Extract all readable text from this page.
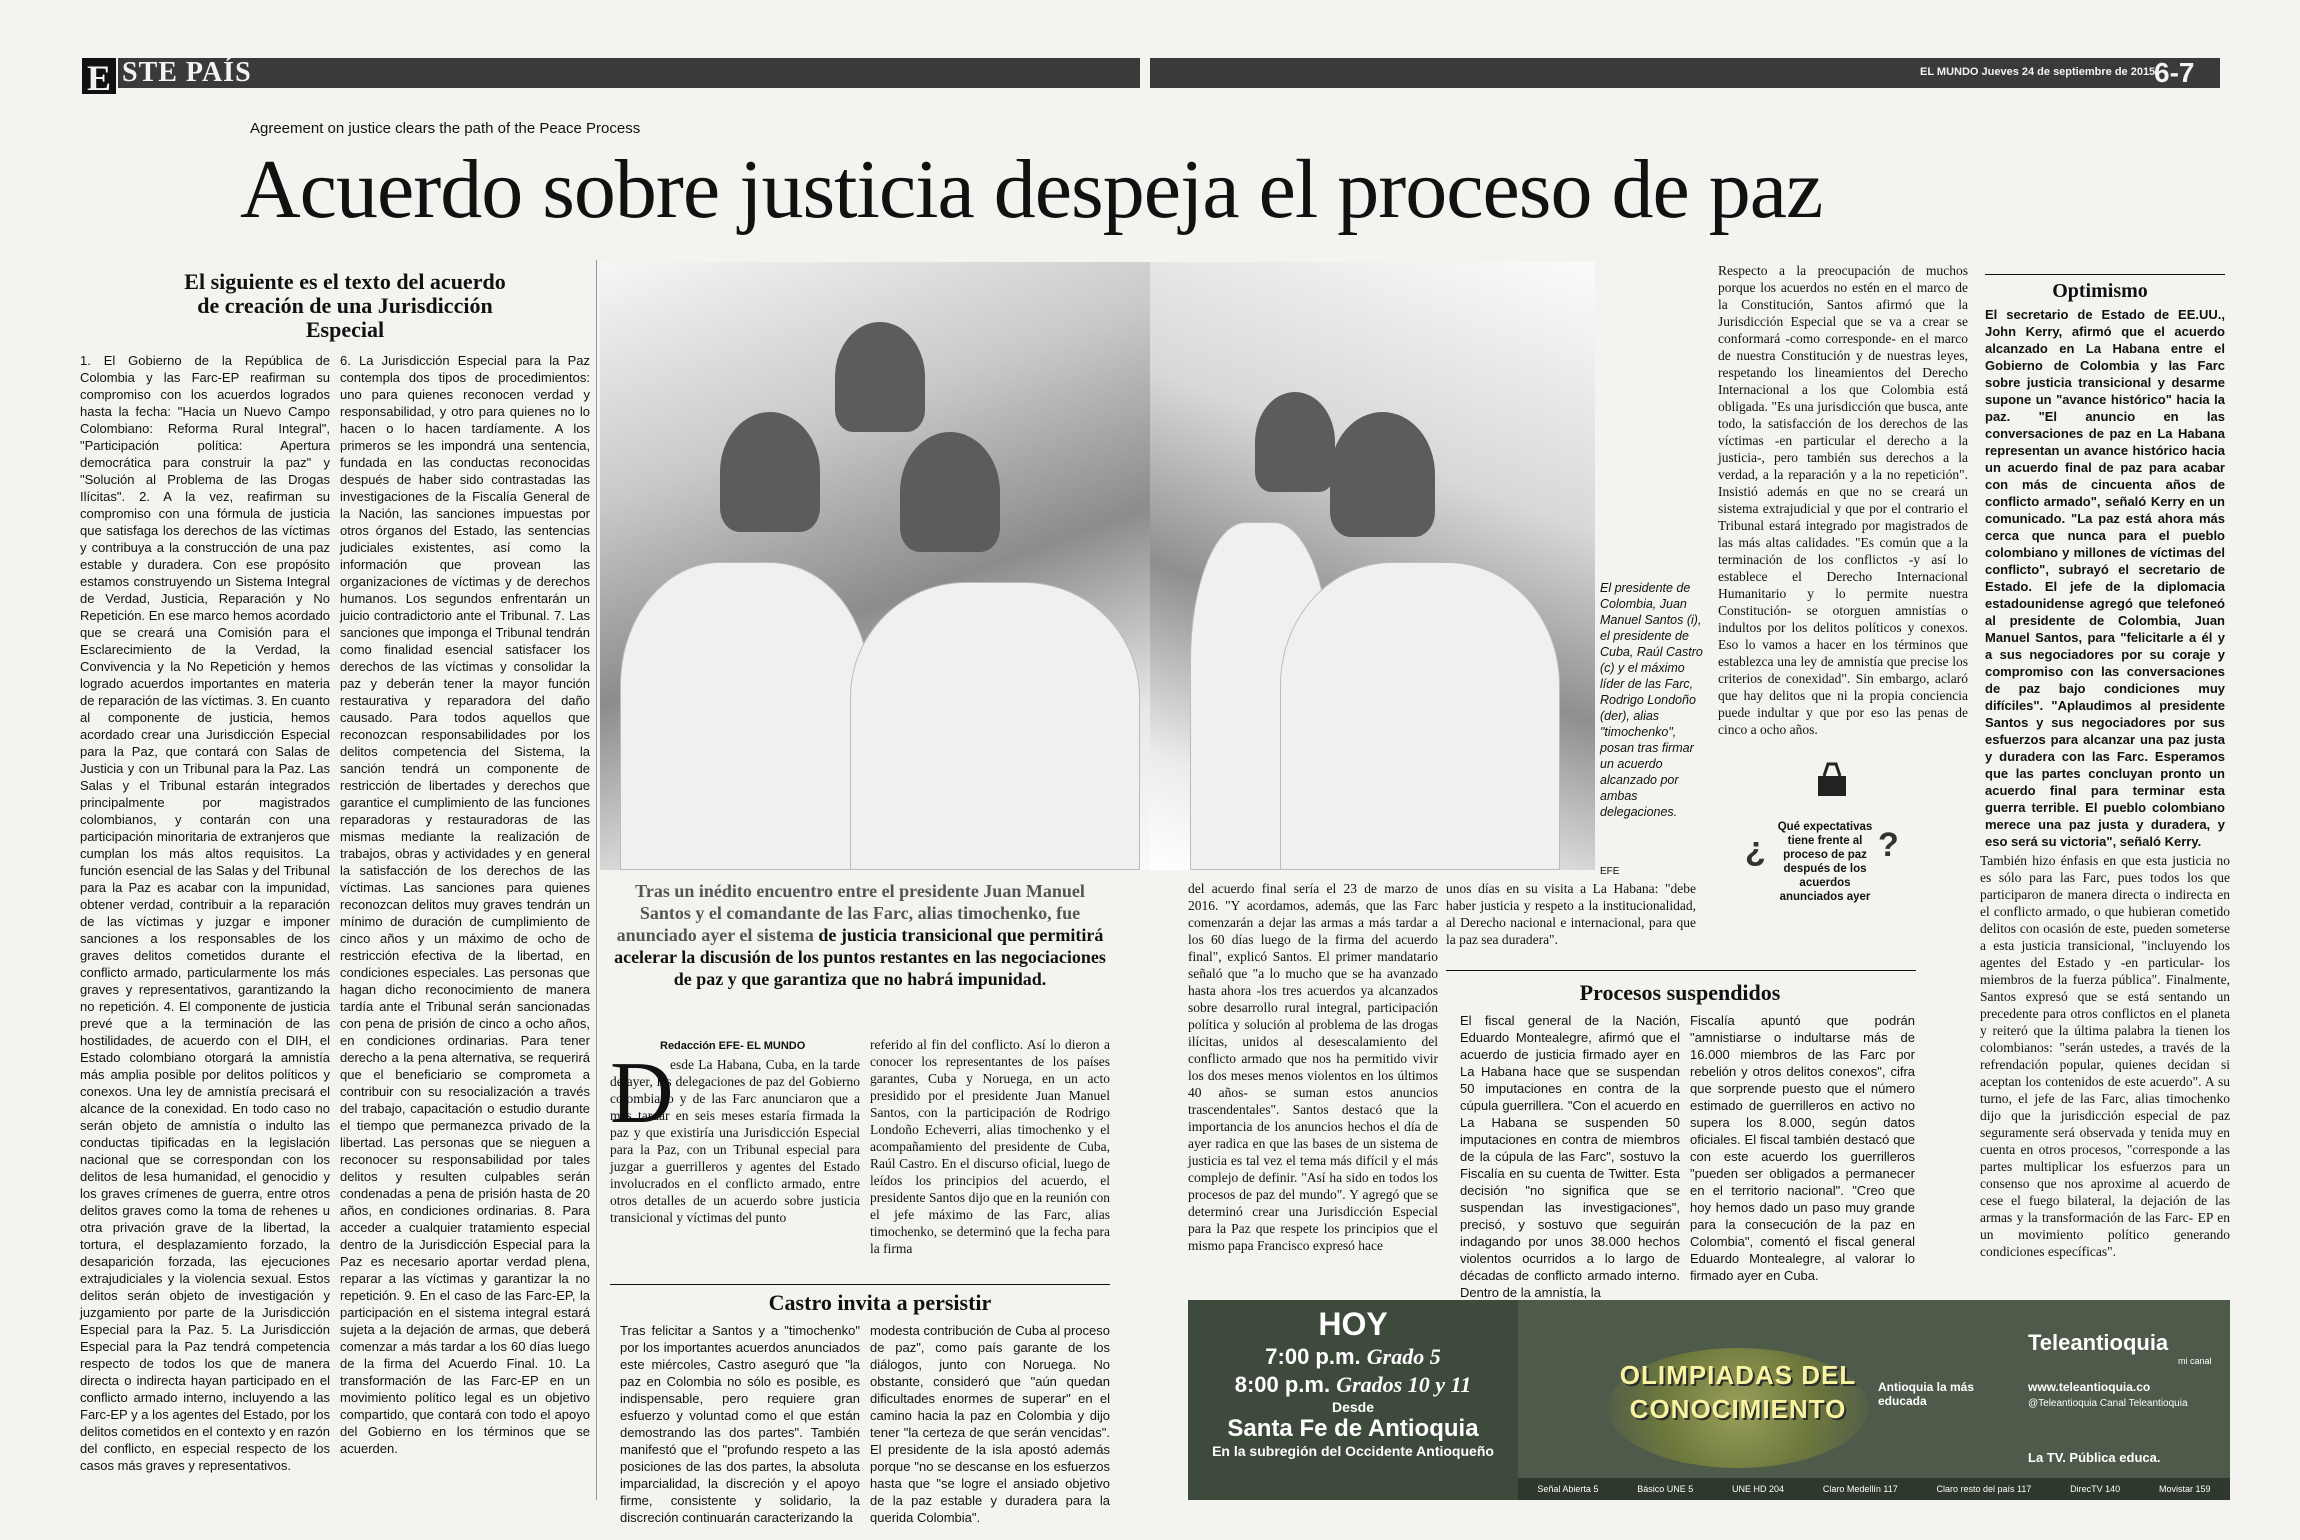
E STE PAÍS	EL MUNDO Jueves 24 de septiembre de 2015
6-7
Agreement on justice clears the path of the Peace Process
Acuerdo sobre justicia despeja el proceso de paz
El siguiente es el texto del acuerdo de creación de una Jurisdicción Especial
1. El Gobierno de la República de Colombia y las Farc-EP reafirman su compromiso con los acuerdos logrados hasta la fecha: "Hacia un Nuevo Campo Colombiano: Reforma Rural Integral", "Participación política: Apertura democrática para construir la paz" y "Solución al Problema de las Drogas Ilícitas". 2. A la vez, reafirman su compromiso con una fórmula de justicia que satisfaga los derechos de las víctimas y contribuya a la construcción de una paz estable y duradera. Con ese propósito estamos construyendo un Sistema Integral de Verdad, Justicia, Reparación y No Repetición. En ese marco hemos acordado que se creará una Comisión para el Esclarecimiento de la Verdad, la Convivencia y la No Repetición y hemos logrado acuerdos importantes en materia de reparación de las víctimas. 3. En cuanto al componente de justicia, hemos acordado crear una Jurisdicción Especial para la Paz, que contará con Salas de Justicia y con un Tribunal para la Paz. Las Salas y el Tribunal estarán integrados principalmente por magistrados colombianos, y contarán con una participación minoritaria de extranjeros que cumplan los más altos requisitos. La función esencial de las Salas y del Tribunal para la Paz es acabar con la impunidad, obtener verdad, contribuir a la reparación de las víctimas y juzgar e imponer sanciones a los responsables de los graves delitos cometidos durante el conflicto armado, particularmente los más graves y representativos, garantizando la no repetición. 4. El componente de justicia prevé que a la terminación de las hostilidades, de acuerdo con el DIH, el Estado colombiano otorgará la amnistía más amplia posible por delitos políticos y conexos. Una ley de amnistía precisará el alcance de la conexidad. En todo caso no serán objeto de amnistía o indulto las conductas tipificadas en la legislación nacional que se correspondan con los delitos de lesa humanidad, el genocidio y los graves crímenes de guerra, entre otros delitos graves como la toma de rehenes u otra privación grave de la libertad, la tortura, el desplazamiento forzado, la desaparición forzada, las ejecuciones extrajudiciales y la violencia sexual. Estos delitos serán objeto de investigación y juzgamiento por parte de la Jurisdicción Especial para la Paz. 5. La Jurisdicción Especial para la Paz tendrá competencia respecto de todos los que de manera directa o indirecta hayan participado en el conflicto armado interno, incluyendo a las Farc-EP y a los agentes del Estado, por los delitos cometidos en el contexto y en razón del conflicto, en especial respecto de los casos más graves y representativos.
6. La Jurisdicción Especial para la Paz contempla dos tipos de procedimientos: uno para quienes reconocen verdad y responsabilidad, y otro para quienes no lo hacen o lo hacen tardíamente. A los primeros se les impondrá una sentencia, fundada en las conductas reconocidas después de haber sido contrastadas las investigaciones de la Fiscalía General de la Nación, las sanciones impuestas por otros órganos del Estado, las sentencias judiciales existentes, así como la información que provean las organizaciones de víctimas y de derechos humanos. Los segundos enfrentarán un juicio contradictorio ante el Tribunal. 7. Las sanciones que imponga el Tribunal tendrán como finalidad esencial satisfacer los derechos de las víctimas y consolidar la paz y deberán tener la mayor función restaurativa y reparadora del daño causado. Para todos aquellos que reconozcan responsabilidades por los delitos competencia del Sistema, la sanción tendrá un componente de restricción de libertades y derechos que garantice el cumplimiento de las funciones reparadoras y restauradoras de las mismas mediante la realización de trabajos, obras y actividades y en general la satisfacción de los derechos de las víctimas. Las sanciones para quienes reconozcan delitos muy graves tendrán un mínimo de duración de cumplimiento de cinco años y un máximo de ocho de restricción efectiva de la libertad, en condiciones especiales. Las personas que hagan dicho reconocimiento de manera tardía ante el Tribunal serán sancionadas con pena de prisión de cinco a ocho años, en condiciones ordinarias. Para tener derecho a la pena alternativa, se requerirá que el beneficiario se comprometa a contribuir con su resocialización a través del trabajo, capacitación o estudio durante el tiempo que permanezca privado de la libertad. Las personas que se nieguen a reconocer su responsabilidad por tales delitos y resulten culpables serán condenadas a pena de prisión hasta de 20 años, en condiciones ordinarias. 8. Para acceder a cualquier tratamiento especial dentro de la Jurisdicción Especial para la Paz es necesario aportar verdad plena, reparar a las víctimas y garantizar la no repetición. 9. En el caso de las Farc-EP, la participación en el sistema integral estará sujeta a la dejación de armas, que deberá comenzar a más tardar a los 60 días luego de la firma del Acuerdo Final. 10. La transformación de las Farc-EP en un movimiento político legal es un objetivo compartido, que contará con todo el apoyo del Gobierno en los términos que se acuerden.
El presidente de Colombia, Juan Manuel Santos (i), el presidente de Cuba, Raúl Castro (c) y el máximo líder de las Farc, Rodrigo Londoño (der), alias "timochenko", posan tras firmar un acuerdo alcanzado por ambas delegaciones.
EFE
Tras un inédito encuentro entre el presidente Juan Manuel Santos y el comandante de las Farc, alias timochenko, fue anunciado ayer el sistema de justicia transicional que permitirá acelerar la discusión de los puntos restantes en las negociaciones de paz y que garantiza que no habrá impunidad.
Redacción EFE- EL MUNDO
D
esde La Habana, Cuba, en la tarde de ayer, las delegaciones de paz del Gobierno colombiano y de las Farc anunciaron que a más tardar en seis meses estaría firmada la paz y que existiría una Jurisdicción Especial para la Paz, con un Tribunal especial para juzgar a guerrilleros y agentes del Estado involucrados en el conflicto armado, entre otros detalles de un acuerdo sobre justicia transicional y víctimas del punto
referido al fin del conflicto. Así lo dieron a conocer los representantes de los países garantes, Cuba y Noruega, en un acto presidido por el presidente Juan Manuel Santos, con la participación de Rodrigo Londoño Echeverri, alias timochenko y el acompañamiento del presidente de Cuba, Raúl Castro. En el discurso oficial, luego de leídos los principios del acuerdo, el presidente Santos dijo que en la reunión con el jefe máximo de las Farc, alias timochenko, se determinó que la fecha para la firma
del acuerdo final sería el 23 de marzo de 2016. "Y acordamos, además, que las Farc comenzarán a dejar las armas a más tardar a los 60 días luego de la firma del acuerdo final", explicó Santos. El primer mandatario señaló que "a lo mucho que se ha avanzado hasta ahora -los tres acuerdos ya alcanzados sobre desarrollo rural integral, participación política y solución al problema de las drogas ilícitas, unidos al desescalamiento del conflicto armado que nos ha permitido vivir los dos meses menos violentos en los últimos 40 años- se suman estos anuncios trascendentales". Santos destacó que la importancia de los anuncios hechos el día de ayer radica en que las bases de un sistema de justicia es tal vez el tema más difícil y el más complejo de definir. "Así ha sido en todos los procesos de paz del mundo". Y agregó que se determinó crear una Jurisdicción Especial para la Paz que respete los principios que el mismo papa Francisco expresó hace
unos días en su visita a La Habana: "debe haber justicia y respeto a la institucionalidad, al Derecho nacional e internacional, para que la paz sea duradera".
Respecto a la preocupación de muchos porque los acuerdos no estén en el marco de la Constitución, Santos afirmó que la Jurisdicción Especial que se va a crear se conformará -como corresponde- en el marco de nuestra Constitución y de nuestras leyes, respetando los lineamientos del Derecho Internacional a los que Colombia está obligada. "Es una jurisdicción que busca, ante todo, la satisfacción de los derechos de las víctimas -en particular el derecho a la justicia-, pero también sus derechos a la verdad, a la reparación y a la no repetición". Insistió además en que no se creará un sistema extrajudicial y que por el contrario el Tribunal estará integrado por magistrados de las más altas calidades. "Es común que a la terminación de los conflictos -y así lo establece el Derecho Internacional Humanitario y lo permite nuestra Constitución- se otorguen amnistías o indultos por los delitos políticos y conexos. Eso lo vamos a hacer en los términos que establezca una ley de amnistía que precise los criterios de conexidad". Sin embargo, aclaró que hay delitos que ni la propia conciencia puede indultar y que por eso las penas de cinco a ocho años.
También hizo énfasis en que esta justicia no es sólo para las Farc, pues todos los que participaron de manera directa o indirecta en el conflicto armado, o que hubieran cometido delitos con ocasión de este, pueden someterse a esta justicia transicional, "incluyendo los agentes del Estado y -en particular- los miembros de la fuerza pública". Finalmente, Santos expresó que se está sentando un precedente para otros conflictos en el planeta y reiteró que la última palabra la tienen los colombianos: "serán ustedes, a través de la refrendación popular, quienes decidan si aceptan los contenidos de este acuerdo". A su turno, el jefe de las Farc, alias timochenko dijo que la jurisdicción especial de paz seguramente será observada y tenida muy en cuenta en otros procesos, "corresponde a las partes multiplicar los esfuerzos para un consenso que nos aproxime al acuerdo de cese el fuego bilateral, la dejación de las armas y la transformación de las Farc- EP en un movimiento político generando condiciones específicas".
Castro invita a persistir
Tras felicitar a Santos y a "timochenko" por los importantes acuerdos anunciados este miércoles, Castro aseguró que "la paz en Colombia no sólo es posible, es indispensable, pero requiere gran esfuerzo y voluntad como el que están demostrando las dos partes". También manifestó que el "profundo respeto a las posiciones de las dos partes, la absoluta imparcialidad, la discreción y el apoyo firme, consistente y solidario, la discreción continuarán caracterizando la
modesta contribución de Cuba al proceso de paz", como país garante de los diálogos, junto con Noruega. No obstante, consideró que "aún quedan dificultades enormes de superar" en el camino hacia la paz en Colombia y dijo tener "la certeza de que serán vencidas". El presidente de la isla apostó además porque "no se descanse en los esfuerzos hasta que "se logre el ansiado objetivo de la paz estable y duradera para la querida Colombia".
Procesos suspendidos
El fiscal general de la Nación, Eduardo Montealegre, afirmó que el acuerdo de justicia firmado ayer en La Habana hace que se suspendan 50 imputaciones en contra de la cúpula guerrillera. "Con el acuerdo en La Habana se suspenden 50 imputaciones en contra de miembros de la cúpula de las Farc", sostuvo la Fiscalía en su cuenta de Twitter. Esta decisión "no significa que se suspendan las investigaciones", precisó, y sostuvo que seguirán indagando por unos 38.000 hechos violentos ocurridos a lo largo de décadas de conflicto armado interno. Dentro de la amnistía, la
Fiscalía apuntó que podrán "amnistiarse o indultarse más de 16.000 miembros de las Farc por rebelión y otros delitos conexos", cifra que sorprende puesto que el número estimado de guerrilleros en activo no supera los 8.000, según datos oficiales. El fiscal también destacó que con este acuerdo los guerrilleros "pueden ser obligados a permanecer en el territorio nacional". "Creo que hoy hemos dado un paso muy grande para la consecución de la paz en Colombia", comentó el fiscal general Eduardo Montealegre, al valorar lo firmado ayer en Cuba.
¿
Qué expectativas tiene frente al proceso de paz después de los acuerdos anunciados ayer
?
Optimismo
El secretario de Estado de EE.UU., John Kerry, afirmó que el acuerdo alcanzado en La Habana entre el Gobierno de Colombia y las Farc sobre justicia transicional y desarme supone un "avance histórico" hacia la paz. "El anuncio en las conversaciones de paz en La Habana representan un avance histórico hacia un acuerdo final de paz para acabar con más de cincuenta años de conflicto armado", señaló Kerry en un comunicado. "La paz está ahora más cerca que nunca para el pueblo colombiano y millones de víctimas del conflicto", subrayó el secretario de Estado. El jefe de la diplomacia estadounidense agregó que telefoneó al presidente de Colombia, Juan Manuel Santos, para "felicitarle a él y a sus negociadores por su coraje y compromiso con las conversaciones de paz bajo condiciones muy difíciles". "Aplaudimos al presidente Santos y sus negociadores por sus esfuerzos para alcanzar una paz justa y duradera con las Farc. Esperamos que las partes concluyan pronto un acuerdo final para terminar esta guerra terrible. El pueblo colombiano merece una paz justa y duradera, y eso será su victoria", señaló Kerry.
HOY
7:00 p.m. Grado 5
8:00 p.m. Grados 10 y 11
Desde
Santa Fe de Antioquia
En la subregión del Occidente Antioqueño
OLIMPIADAS DEL CONOCIMIENTO
Antioquia la más educada
Teleantioquia
mi canal
www.teleantioquia.co
@Teleantioquia Canal Teleantioquia
La TV. Pública educa.
Señal Abierta 5	Básico UNE 5	UNE HD 204	Claro Medellín 117	Claro resto del país 117	DirecTV 140	Movistar 159
